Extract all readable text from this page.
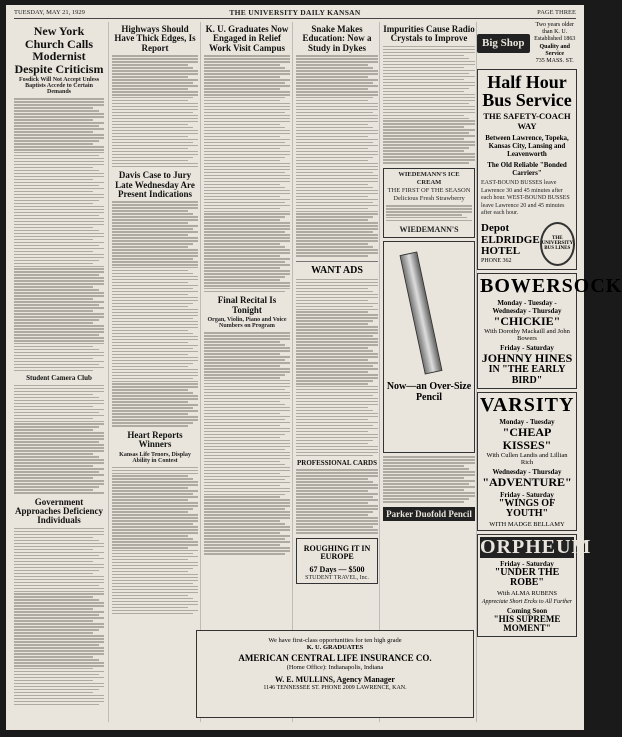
TUESDAY, MAY 21, 1929	THE UNIVERSITY DAILY KANSAN	PAGE THREE
New York Church Calls Modernist Despite Criticism
Fosdick Will Not Accept Unless Baptists Accede to Certain Demands
Student Camera Club
Government Approaches Deficiency Individuals
Highways Should Have Thick Edges, Is Report
Davis Case to Jury Late Wednesday Are Present Indications
Heart Reports Winners
Kansas Life Tenors, Display Ability in Contest
K. U. Graduates Now Engaged in Relief Work Visit Campus
Final Recital Is Tonight
Organ, Violin, Piano and Voice Numbers on Program
Snake Makes Education: Now a Study in Dykes
WANT ADS
PROFESSIONAL CARDS
ROUGHING IT IN EUROPE
67 Days — $500
STUDENT TRAVEL, Inc.
Impurities Cause Radio Crystals to Improve
WIEDEMANN'S ICE CREAM
THE FIRST OF THE SEASON
Delicious Fresh Strawberry
WIEDEMANN'S
Now—an Over-Size Pencil
Parker Duofold Pencil
Big Shop
Two years older than K. U. Established 1863
Quality and Service
735 MASS. ST.
Half Hour Bus Service
THE SAFETY-COACH WAY
Between Lawrence, Topeka, Kansas City, Lansing and Leavenworth
The Old Reliable "Bonded Carriers"
EAST-BOUND BUSSES leave Lawrence 30 and 45 minutes after each hour. WEST-BOUND BUSSES leave Lawrence 20 and 45 minutes after each hour.
Depot ELDRIDGE HOTEL
PHONE 362
THE UNIVERSITY BUS LINES
BOWERSOCK
Monday - Tuesday - Wednesday - Thursday
"CHICKIE"
With Dorothy Mackaill and John Bowers
Friday - Saturday
JOHNNY HINES
IN "THE EARLY BIRD"
VARSITY
Monday - Tuesday
"CHEAP KISSES"
With Cullen Landis and Lillian Rich
Wednesday - Thursday
"ADVENTURE"
Friday - Saturday
"WINGS OF YOUTH"
WITH MADGE BELLAMY
ORPHEUM
Friday - Saturday
"UNDER THE ROBE"
With ALMA RUBENS
Appreciate Short Ercks to All Further
Coming Soon
"HIS SUPREME MOMENT"
We have first-class opportunities for ten high grade
K. U. GRADUATES
AMERICAN CENTRAL LIFE INSURANCE CO.
(Home Office): Indianapolis, Indiana
W. E. MULLINS, Agency Manager
1146 TENNESSEE ST. PHONE 2009 LAWRENCE, KAN.
